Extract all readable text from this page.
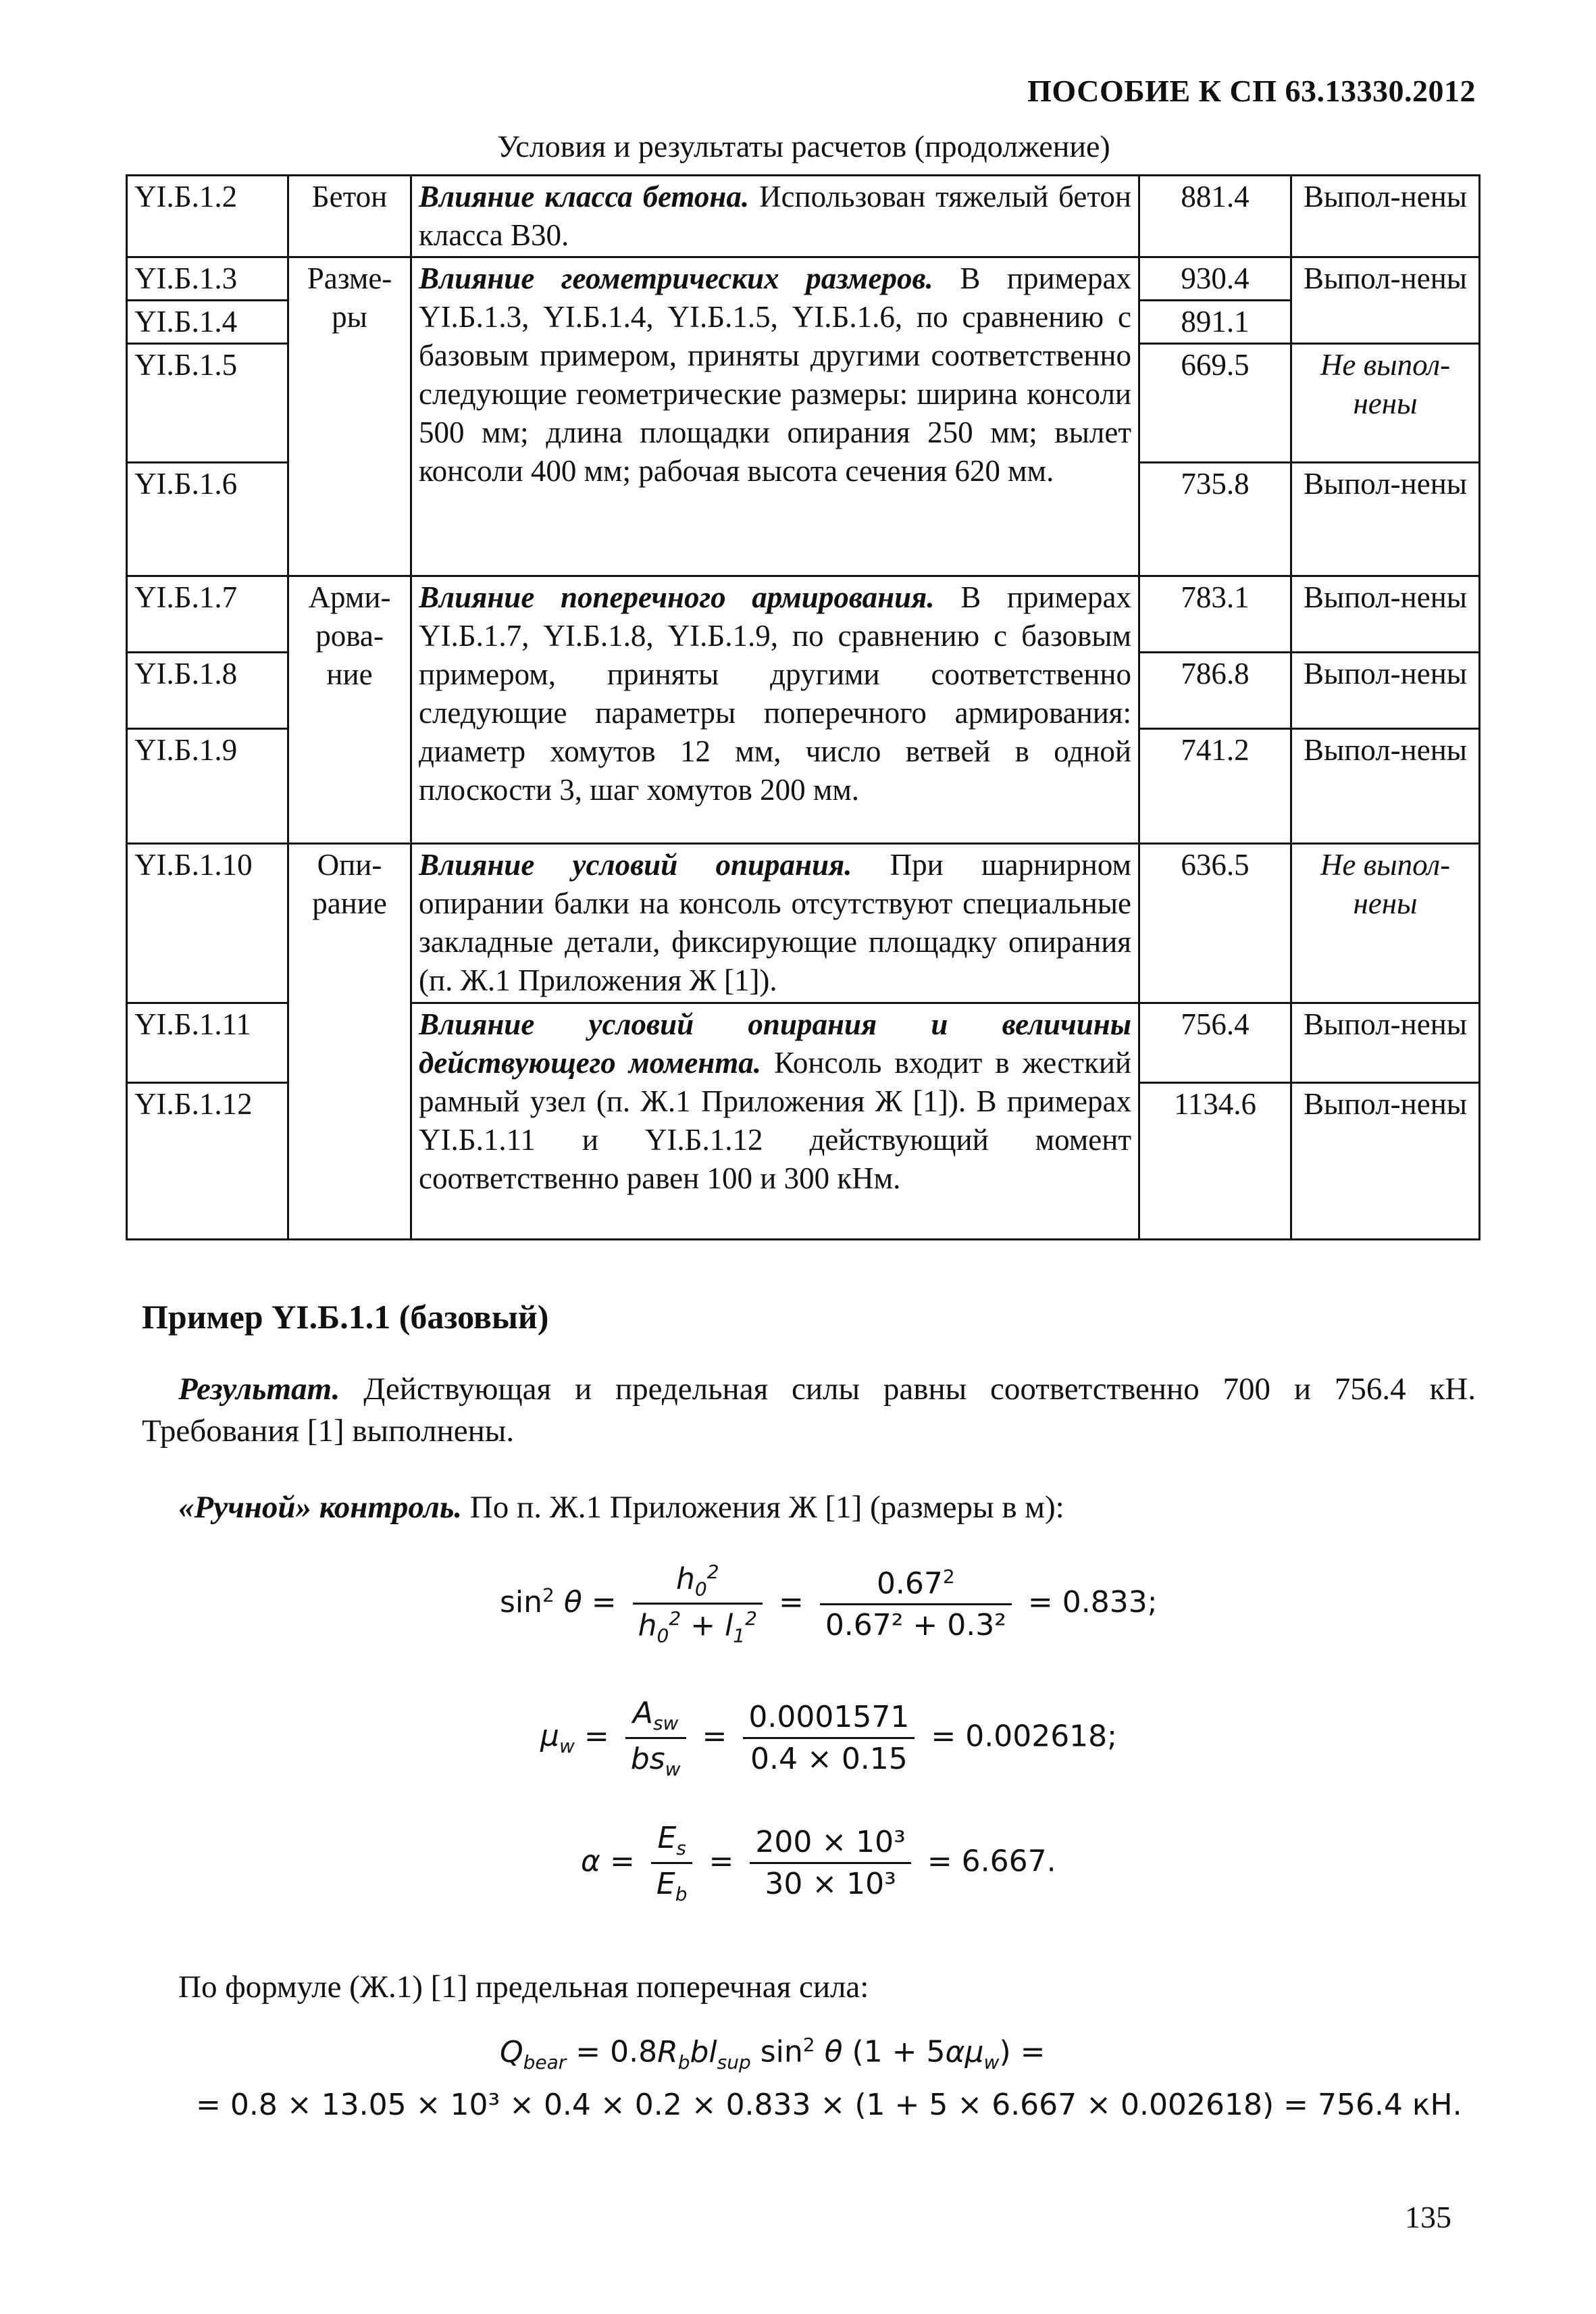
ПОСОБИЕ К СП 63.13330.2012
Условия и результаты расчетов (продолжение)
YI.Б.1.2	Бетон	Влияние класса бетона. Использован тяжелый бетон класса В30.	881.4	Выпол-нены
YI.Б.1.3	Разме-ры	Влияние геометрических размеров. В примерах YI.Б.1.3, YI.Б.1.4, YI.Б.1.5, YI.Б.1.6, по сравнению с базовым примером, приняты другими соответственно следующие геометрические размеры: ширина консоли 500 мм; длина площадки опирания 250 мм; вылет консоли 400 мм; рабочая высота сечения 620 мм.	930.4	Выпол-нены
YI.Б.1.4			891.1	
YI.Б.1.5			669.5	Не выпол-нены
YI.Б.1.6			735.8	Выпол-нены
YI.Б.1.7	Арми-рова-ние	Влияние поперечного армирования. В примерах YI.Б.1.7, YI.Б.1.8, YI.Б.1.9, по сравнению с базовым примером, приняты другими соответственно следующие параметры поперечного армирования: диаметр хомутов 12 мм, число ветвей в одной плоскости 3, шаг хомутов 200 мм.	783.1	Выпол-нены
YI.Б.1.8			786.8	Выпол-нены
YI.Б.1.9			741.2	Выпол-нены
YI.Б.1.10	Опи-рание	Влияние условий опирания. При шарнирном опирании балки на консоль отсутствуют специальные закладные детали, фиксирующие площадку опирания (п. Ж.1 Приложения Ж [1]).	636.5	Не выпол-нены
YI.Б.1.11		Влияние условий опирания и величины действующего момента. Консоль входит в жесткий рамный узел (п. Ж.1 Приложения Ж [1]). В примерах YI.Б.1.11 и YI.Б.1.12 действующий момент соответственно равен 100 и 300 кНм.	756.4	Выпол-нены
YI.Б.1.12			1134.6	Выпол-нены
Пример YI.Б.1.1 (базовый)
Результат. Действующая и предельная силы равны соответственно 700 и 756.4 кН. Требования [1] выполнены.
«Ручной» контроль. По п. Ж.1 Приложения Ж [1] (размеры в м):
$\sin^2 \theta = \frac{h_0^2}{h_0^2 + l_1^2} = \frac{0.67^2}{\text{0.67² + 0.3²}} = 0.833$;
$\mu_w = \frac{A_{sw}}{bs_w} = \frac{0.0001571}{0.4 \times 0.15} = 0.002618$;
$\alpha = \frac{E_s}{E_b} = \frac{\text{200 × 10³}}{\text{30 × 10³}} = 6.667$.
По формуле (Ж.1) [1] предельная поперечная сила:
$Q_{bear} = 0.8R_bbl_{sup}$ $\sin^2 \theta$ $(1 + 5\alpha\mu_w)$ =
= 0.8 × 13.05 × 10³ × 0.4 × 0.2 × 0.833 × (1 + 5 × 6.667 × 0.002618) = 756.4 кН.
135
